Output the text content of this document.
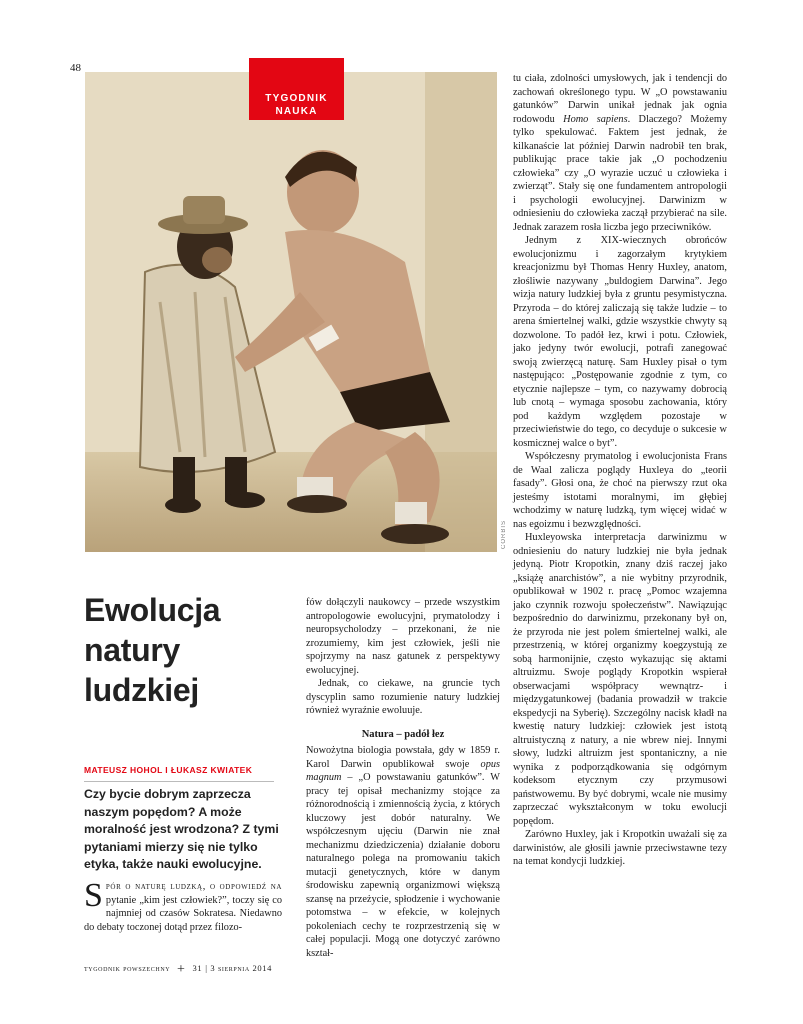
48
CORBIS
TYGODNIK
NAUKA
Ewolucja natury ludzkiej
MATEUSZ HOHOL I ŁUKASZ KWIATEK
Czy bycie dobrym zaprzecza naszym popędom? A może moralność jest wrodzona? Z tymi pytaniami mierzy się nie tylko etyka, także nauki ewolucyjne.

Spór o naturę ludzką, o odpowiedź na pytanie „kim jest człowiek?”, toczy się co najmniej od czasów Sokratesa. Niedawno do debaty toczonej dotąd przez filozo-

fów dołączyli naukowcy – przede wszystkim antropologowie ewolucyjni, prymatolodzy i neuropsycholodzy – przekonani, że nie zrozumiemy, kim jest człowiek, jeśli nie spojrzymy na nasz gatunek z perspektywy ewolucyjnej.

Jednak, co ciekawe, na gruncie tych dyscyplin samo rozumienie natury ludzkiej również wyraźnie ewoluuje.

Natura – padół łez

Nowożytna biologia powstała, gdy w 1859 r. Karol Darwin opublikował swoje opus magnum – „O powstawaniu gatunków”. W pracy tej opisał mechanizmy stojące za różnorodnością i zmiennością życia, z których kluczowy jest dobór naturalny. We współczesnym ujęciu (Darwin nie znał mechanizmu dziedziczenia) działanie doboru naturalnego polega na promowaniu takich mutacji genetycznych, które w danym środowisku zapewnią organizmowi większą szansę na przeżycie, spłodzenie i wychowanie potomstwa – w efekcie, w kolejnych pokoleniach cechy te rozprzestrzenią się w całej populacji. Mogą one dotyczyć zarówno kształ-

tu ciała, zdolności umysłowych, jak i tendencji do zachowań określonego typu. W „O powstawaniu gatunków” Darwin unikał jednak jak ognia rodowodu Homo sapiens. Dlaczego? Możemy tylko spekulować. Faktem jest jednak, że kilkanaście lat później Darwin nadrobił ten brak, publikując prace takie jak „O pochodzeniu człowieka” czy „O wyrazie uczuć u człowieka i zwierząt”. Stały się one fundamentem antropologii i psychologii ewolucyjnej. Darwinizm w odniesieniu do człowieka zaczął przybierać na sile. Jednak zarazem rosła liczba jego przeciwników.

Jednym z XIX-wiecznych obrońców ewolucjonizmu i zagorzałym krytykiem kreacjonizmu był Thomas Henry Huxley, anatom, złośliwie nazywany „buldogiem Darwina”. Jego wizja natury ludzkiej była z gruntu pesymistyczna. Przyroda – do której zaliczają się także ludzie – to arena śmiertelnej walki, gdzie wszystkie chwyty są dozwolone. To padół łez, krwi i potu. Człowiek, jako jedyny twór ewolucji, potrafi zanegować swoją zwierzęcą naturę. Sam Huxley pisał o tym następująco: „Postępowanie zgodnie z tym, co etycznie najlepsze – tym, co nazywamy dobrocią lub cnotą – wymaga sposobu zachowania, który pod każdym względem pozostaje w przeciwieństwie do tego, co decyduje o sukcesie w kosmicznej walce o byt”.

Współczesny prymatolog i ewolucjonista Frans de Waal zalicza poglądy Huxleya do „teorii fasady”. Głosi ona, że choć na pierwszy rzut oka jesteśmy istotami moralnymi, im głębiej wchodzimy w naturę ludzką, tym więcej widać w nas egoizmu i bezwzględności.

Huxleyowska interpretacja darwinizmu w odniesieniu do natury ludzkiej nie była jednak jedyną. Piotr Kropotkin, znany dziś raczej jako „książę anarchistów”, a nie wybitny przyrodnik, opublikował w 1902 r. pracę „Pomoc wzajemna jako czynnik rozwoju społeczeństw”. Nawiązując bezpośrednio do darwinizmu, przekonany był on, że przyroda nie jest polem śmiertelnej walki, ale przestrzenią, w której organizmy koegzystują ze sobą harmonijnie, często wykazując się aktami altruizmu. Swoje poglądy Kropotkin wspierał obserwacjami współpracy wewnątrz- i międzygatunkowej (badania prowadził w trakcie ekspedycji na Syberię). Szczególny nacisk kładł na kwestię natury ludzkiej: człowiek jest istotą altruistyczną z natury, a nie wbrew niej. Innymi słowy, ludzki altruizm jest spontaniczny, a nie wynika z podporządkowania się odgórnym kodeksom etycznym czy przymusowi państwowemu. By być dobrymi, wcale nie musimy zaprzeczać wykształconym w toku ewolucji popędom.

Zarówno Huxley, jak i Kropotkin uważali się za darwinistów, ale głosili jawnie przeciwstawne tezy na temat kondycji ludzkiej.

tygodnik powszechny + 31 | 3 sierpnia 2014
